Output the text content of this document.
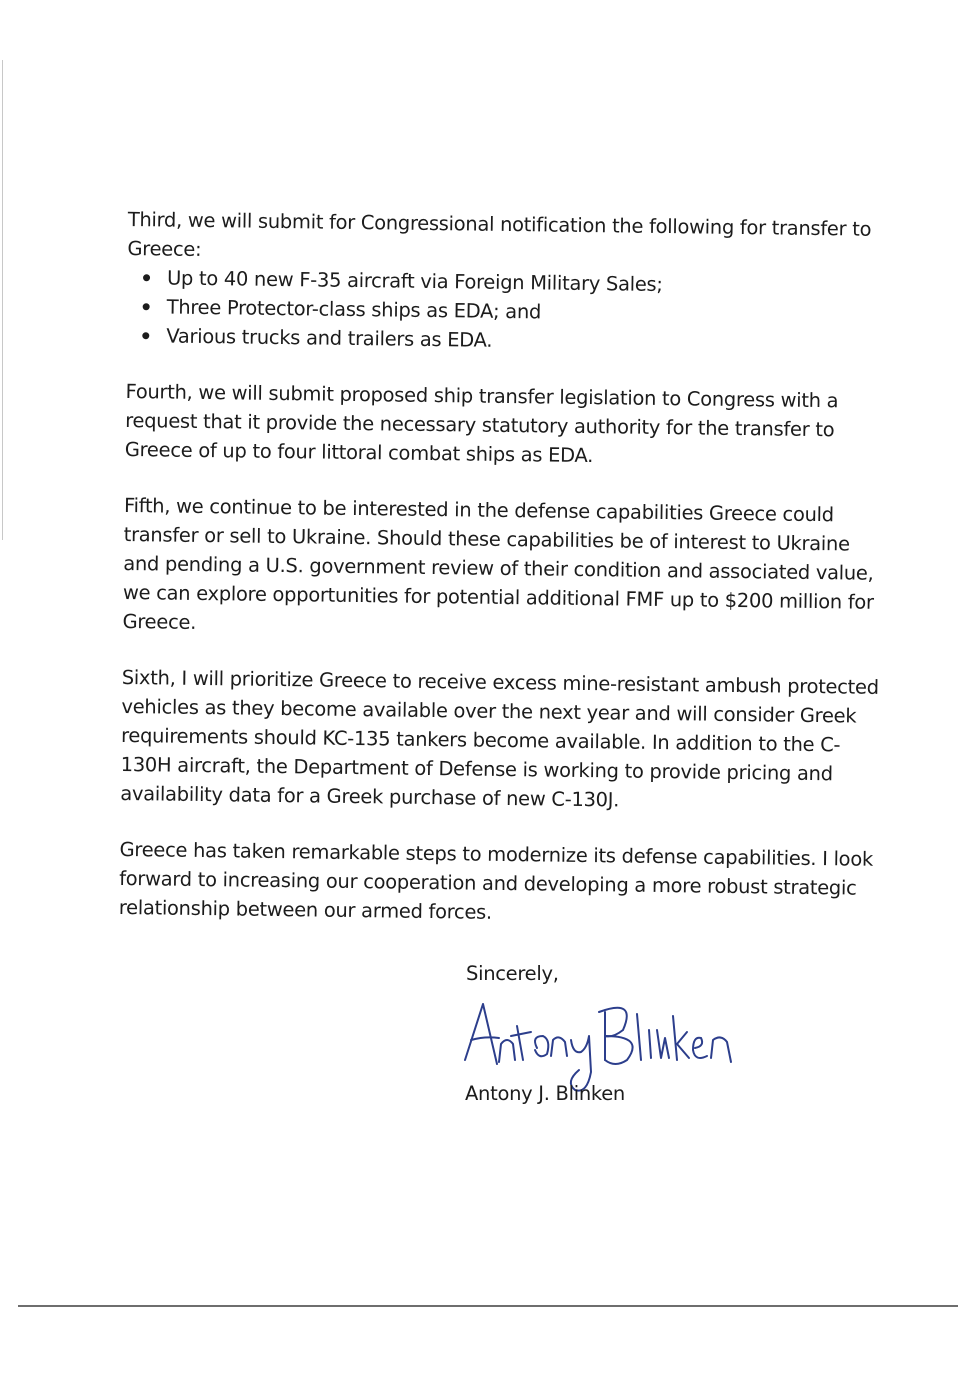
Third, we will submit for Congressional notification the following for transfer to Greece:

Up to 40 new F-35 aircraft via Foreign Military Sales;
Three Protector-class ships as EDA; and
Various trucks and trailers as EDA.

Fourth, we will submit proposed ship transfer legislation to Congress with a request that it provide the necessary statutory authority for the transfer to Greece of up to four littoral combat ships as EDA.

Fifth, we continue to be interested in the defense capabilities Greece could transfer or sell to Ukraine. Should these capabilities be of interest to Ukraine and pending a U.S. government review of their condition and associated value, we can explore opportunities for potential additional FMF up to $200 million for Greece.

Sixth, I will prioritize Greece to receive excess mine-resistant ambush protected vehicles as they become available over the next year and will consider Greek requirements should KC-135 tankers become available. In addition to the C-130H aircraft, the Department of Defense is working to provide pricing and availability data for a Greek purchase of new C-130J.

Greece has taken remarkable steps to modernize its defense capabilities. I look forward to increasing our cooperation and developing a more robust strategic relationship between our armed forces.

Sincerely,
Antony J. Blinken
